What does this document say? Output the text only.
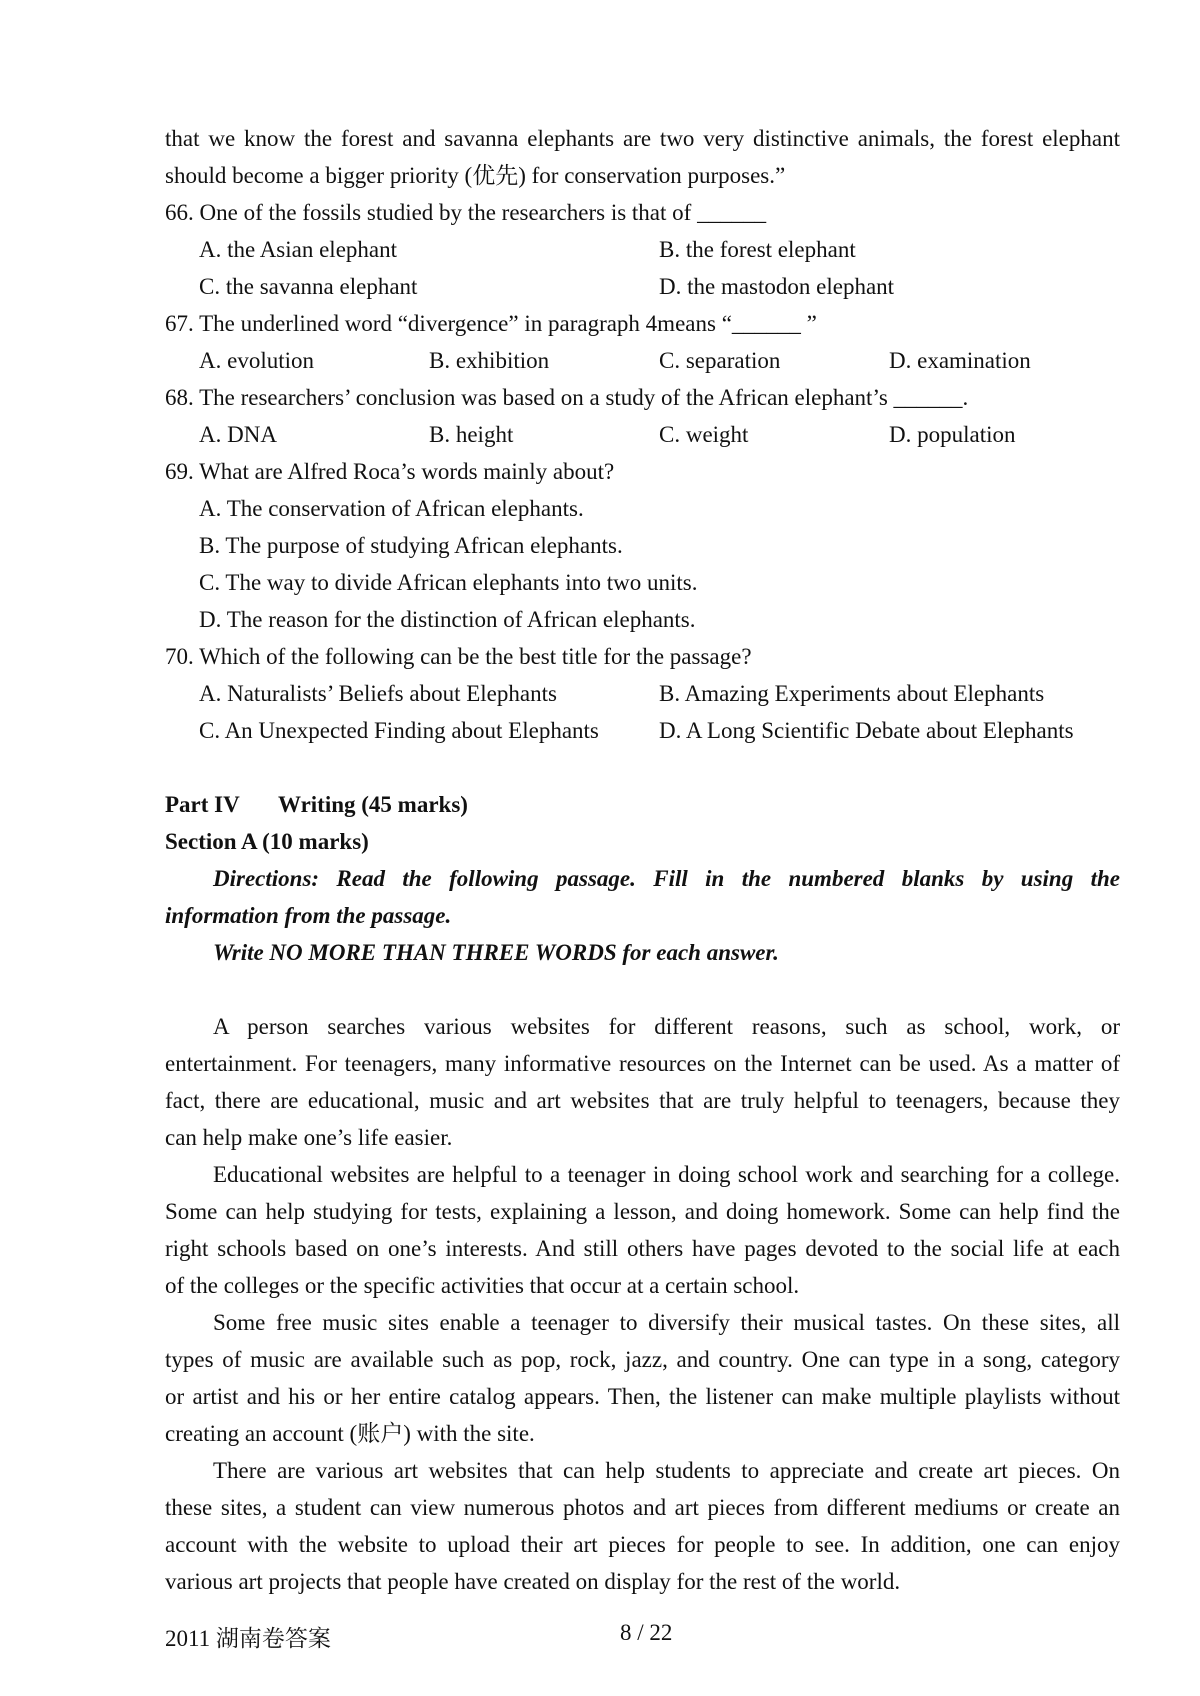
that we know the forest and savanna elephants are two very distinctive animals, the forest elephant
should become a bigger priority (优先) for conservation purposes.”
66. One of the fossils studied by the researchers is that of ______
A. the Asian elephant	B. the forest elephant
C. the savanna elephant	D. the mastodon elephant
67. The underlined word “divergence” in paragraph 4means “______ ”
A. evolution	B. exhibition	C. separation	D. examination
68. The researchers’ conclusion was based on a study of the African elephant’s ______.
A. DNA	B. height	C. weight	D. population
69. What are Alfred Roca’s words mainly about?
A. The conservation of African elephants.
B. The purpose of studying African elephants.
C. The way to divide African elephants into two units.
D. The reason for the distinction of African elephants.
70. Which of the following can be the best title for the passage?
A. Naturalists’ Beliefs about Elephants	B. Amazing Experiments about Elephants
C. An Unexpected Finding about Elephants	D. A Long Scientific Debate about Elephants
Part IV	Writing (45 marks)
Section A (10 marks)
Directions: Read the following passage. Fill in the numbered blanks by using the
information from the passage.
Write NO MORE THAN THREE WORDS for each answer.
A person searches various websites for different reasons, such as school, work, or
entertainment. For teenagers, many informative resources on the Internet can be used. As a matter of
fact, there are educational, music and art websites that are truly helpful to teenagers, because they
can help make one’s life easier.
Educational websites are helpful to a teenager in doing school work and searching for a college.
Some can help studying for tests, explaining a lesson, and doing homework. Some can help find the
right schools based on one’s interests. And still others have pages devoted to the social life at each
of the colleges or the specific activities that occur at a certain school.
Some free music sites enable a teenager to diversify their musical tastes. On these sites, all
types of music are available such as pop, rock, jazz, and country. One can type in a song, category
or artist and his or her entire catalog appears. Then, the listener can make multiple playlists without
creating an account (账户) with the site.
There are various art websites that can help students to appreciate and create art pieces. On
these sites, a student can view numerous photos and art pieces from different mediums or create an
account with the website to upload their art pieces for people to see. In addition, one can enjoy
various art projects that people have created on display for the rest of the world.
2011 湖南卷答案	8 / 22
